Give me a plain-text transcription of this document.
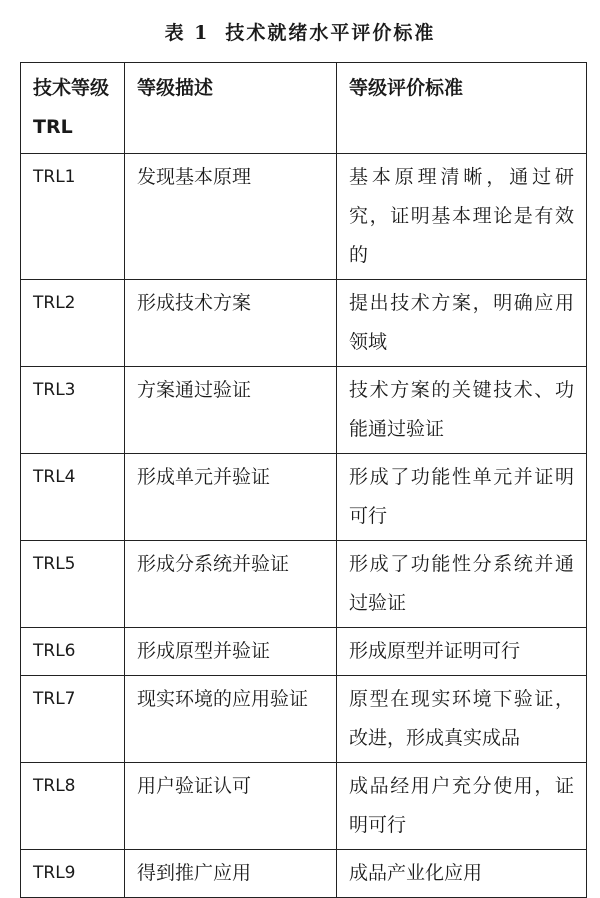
表 1 技术就绪水平评价标准
技术等级 TRL	等级描述	等级评价标准
TRL1	发现基本原理	基本原理清晰，通过研究，证明基本理论是有效的
TRL2	形成技术方案	提出技术方案，明确应用领域
TRL3	方案通过验证	技术方案的关键技术、功能通过验证
TRL4	形成单元并验证	形成了功能性单元并证明可行
TRL5	形成分系统并验证	形成了功能性分系统并通过验证
TRL6	形成原型并验证	形成原型并证明可行
TRL7	现实环境的应用验证	原型在现实环境下验证，改进，形成真实成品
TRL8	用户验证认可	成品经用户充分使用，证明可行
TRL9	得到推广应用	成品产业化应用
